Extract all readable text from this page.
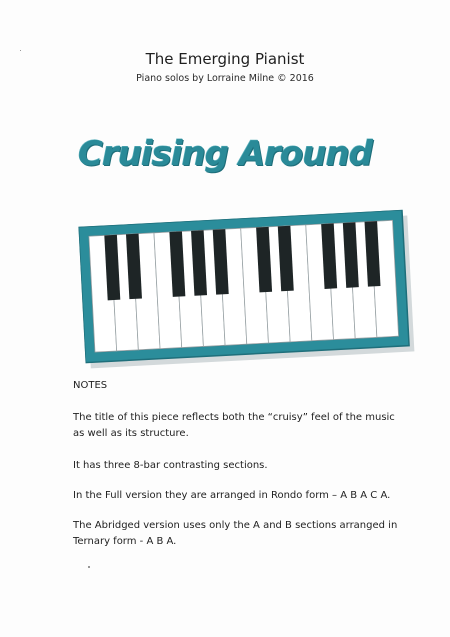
The Emerging Pianist
Piano solos by Lorraine Milne © 2016
Cruising Around
NOTES
The title of this piece reflects both the “cruisy” feel of the music as well as its structure.
It has three 8-bar contrasting sections.
In the Full version they are arranged in Rondo form – A B A C A.
The Abridged version uses only the A and B sections arranged in Ternary form - A B A.
